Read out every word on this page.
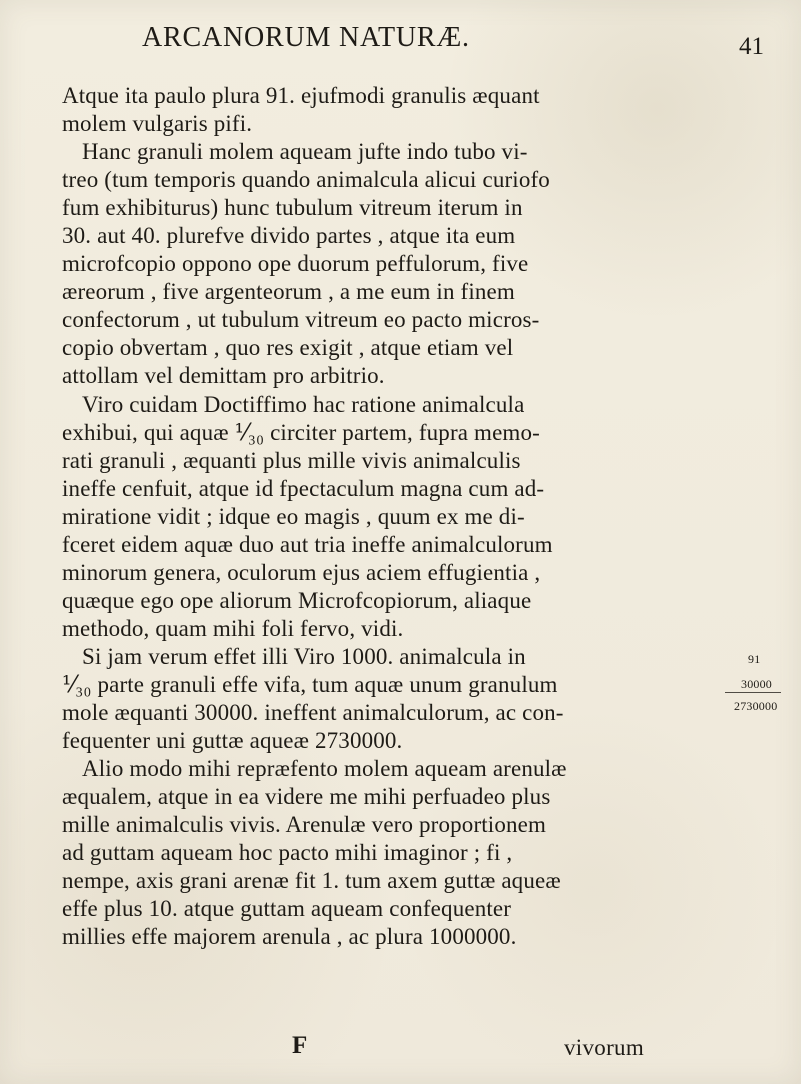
ARCANORUM NATURÆ.	41
Atque ita paulo plura 91. ejufmodi granulis æquant
molem vulgaris pifi.
Hanc granuli molem aqueam jufte indo tubo vi-
treo (tum temporis quando animalcula alicui curiofo
fum exhibiturus) hunc tubulum vitreum iterum in
30. aut 40. plurefve divido partes , atque ita eum
microfcopio oppono ope duorum peffulorum, five
æreorum , five argenteorum , a me eum in finem
confectorum , ut tubulum vitreum eo pacto micros-
copio obvertam , quo res exigit , atque etiam vel
attollam vel demittam pro arbitrio.
Viro cuidam Doctiffimo hac ratione animalcula
exhibui, qui aquæ ⅟₃₀ circiter partem, fupra memo-
rati granuli , æquanti plus mille vivis animalculis
ineffe cenfuit, atque id fpectaculum magna cum ad-
miratione vidit ; idque eo magis , quum ex me di-
fceret eidem aquæ duo aut tria ineffe animalculorum
minorum genera, oculorum ejus aciem effugientia ,
quæque ego ope aliorum Microfcopiorum, aliaque
methodo, quam mihi foli fervo, vidi.
Si jam verum effet illi Viro 1000. animalcula in
⅟₃₀ parte granuli effe vifa, tum aquæ unum granulum
mole æquanti 30000. ineffent animalculorum, ac con-
fequenter uni guttæ aqueæ 2730000.
Alio modo mihi repræfento molem aqueam arenulæ
æqualem, atque in ea videre me mihi perfuadeo plus
mille animalculis vivis. Arenulæ vero proportionem
ad guttam aqueam hoc pacto mihi imaginor ; fi ,
nempe, axis grani arenæ fit 1. tum axem guttæ aqueæ
effe plus 10. atque guttam aqueam confequenter
millies effe majorem arenula , ac plura 1000000.
91
30000
2730000
F	vivorum
